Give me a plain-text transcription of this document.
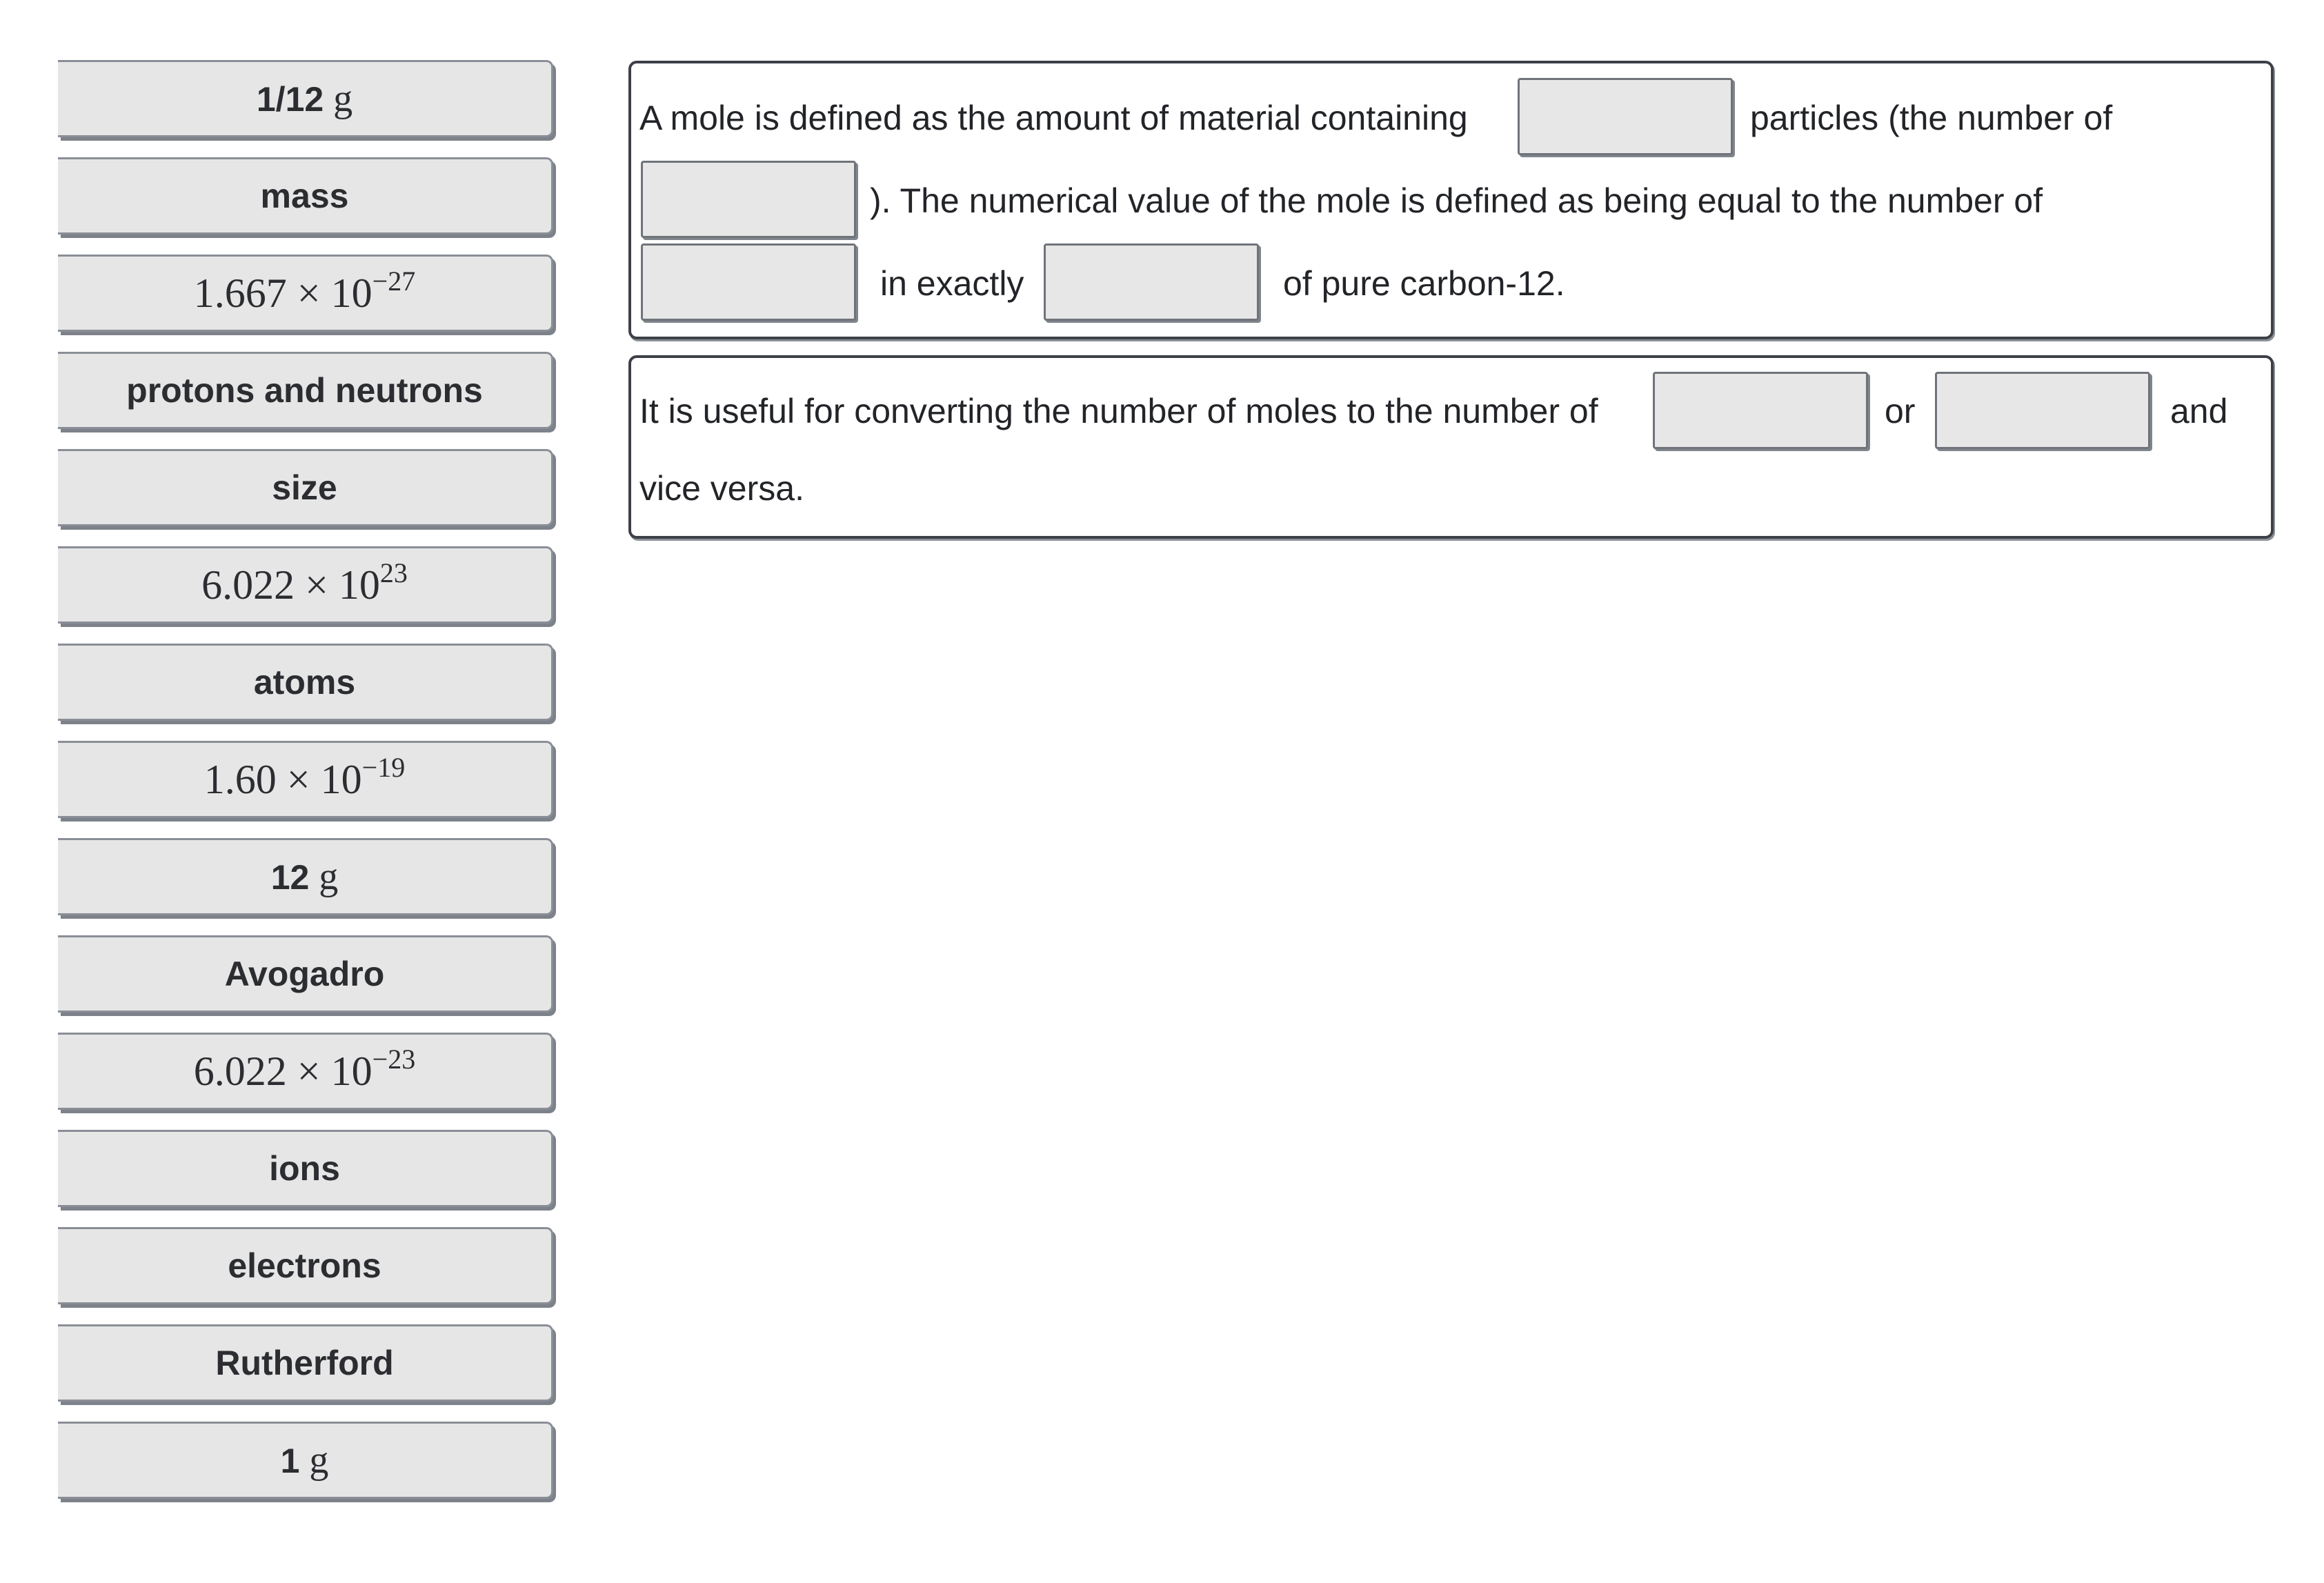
1/12 g
mass
$1.667 \times 10^{-27}$
protons and neutrons
size
$6.022 \times 10^{23}$
atoms
$1.60 \times 10^{-19}$
12 g
Avogadro
$6.022 \times 10^{-23}$
ions
electrons
Rutherford
1 g
A mole is defined as the amount of material containing	particles (the number of
). The numerical value of the mole is defined as being equal to the number of
in exactly	of pure carbon-12.
It is useful for converting the number of moles to the number of	or	and
vice versa.
